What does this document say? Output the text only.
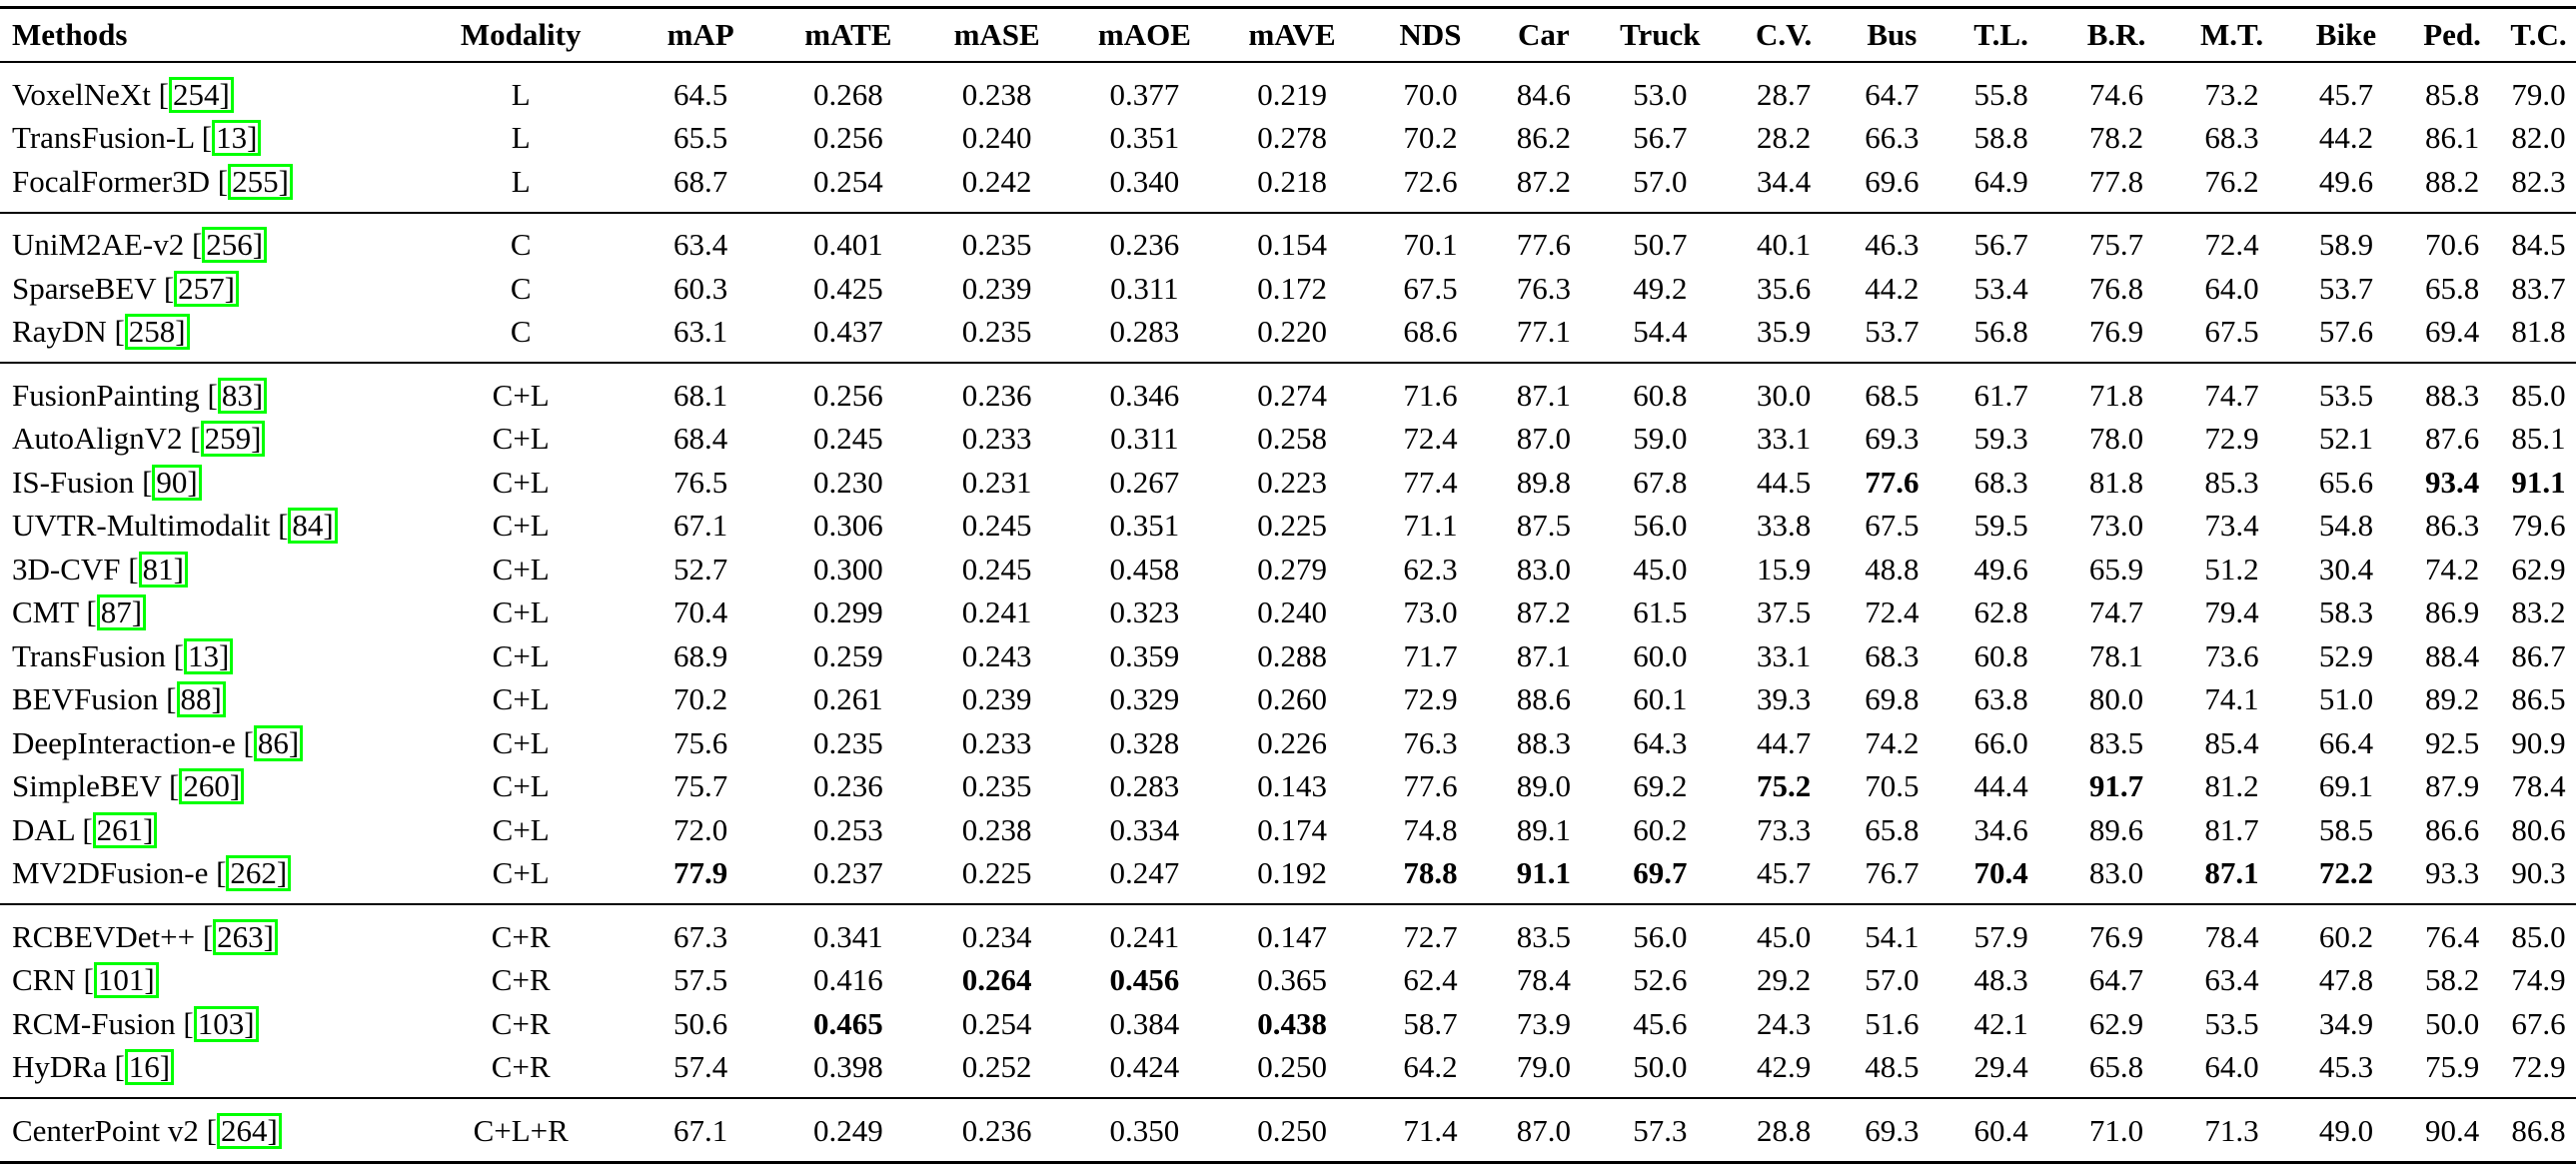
Methods	Modality	mAP	mATE	mASE	mAOE	mAVE	NDS	Car	Truck	C.V.	Bus	T.L.	B.R.	M.T.	Bike	Ped.	T.C.
VoxelNeXt [ 254]	L	64.5	0.268	0.238	0.377	0.219	70.0	84.6	53.0	28.7	64.7	55.8	74.6	73.2	45.7	85.8	79.0
TransFusion-L [ 13]	L	65.5	0.256	0.240	0.351	0.278	70.2	86.2	56.7	28.2	66.3	58.8	78.2	68.3	44.2	86.1	82.0
FocalFormer3D [ 255]	L	68.7	0.254	0.242	0.340	0.218	72.6	87.2	57.0	34.4	69.6	64.9	77.8	76.2	49.6	88.2	82.3
UniM2AE-v2 [ 256]	C	63.4	0.401	0.235	0.236	0.154	70.1	77.6	50.7	40.1	46.3	56.7	75.7	72.4	58.9	70.6	84.5
SparseBEV [ 257]	C	60.3	0.425	0.239	0.311	0.172	67.5	76.3	49.2	35.6	44.2	53.4	76.8	64.0	53.7	65.8	83.7
RayDN [ 258]	C	63.1	0.437	0.235	0.283	0.220	68.6	77.1	54.4	35.9	53.7	56.8	76.9	67.5	57.6	69.4	81.8
FusionPainting [ 83]	C+L	68.1	0.256	0.236	0.346	0.274	71.6	87.1	60.8	30.0	68.5	61.7	71.8	74.7	53.5	88.3	85.0
AutoAlignV2 [ 259]	C+L	68.4	0.245	0.233	0.311	0.258	72.4	87.0	59.0	33.1	69.3	59.3	78.0	72.9	52.1	87.6	85.1
IS-Fusion [ 90]	C+L	76.5	0.230	0.231	0.267	0.223	77.4	89.8	67.8	44.5	77.6	68.3	81.8	85.3	65.6	93.4	91.1
UVTR-Multimodalit [ 84]	C+L	67.1	0.306	0.245	0.351	0.225	71.1	87.5	56.0	33.8	67.5	59.5	73.0	73.4	54.8	86.3	79.6
3D-CVF [ 81]	C+L	52.7	0.300	0.245	0.458	0.279	62.3	83.0	45.0	15.9	48.8	49.6	65.9	51.2	30.4	74.2	62.9
CMT [ 87]	C+L	70.4	0.299	0.241	0.323	0.240	73.0	87.2	61.5	37.5	72.4	62.8	74.7	79.4	58.3	86.9	83.2
TransFusion [ 13]	C+L	68.9	0.259	0.243	0.359	0.288	71.7	87.1	60.0	33.1	68.3	60.8	78.1	73.6	52.9	88.4	86.7
BEVFusion [ 88]	C+L	70.2	0.261	0.239	0.329	0.260	72.9	88.6	60.1	39.3	69.8	63.8	80.0	74.1	51.0	89.2	86.5
DeepInteraction-e [ 86]	C+L	75.6	0.235	0.233	0.328	0.226	76.3	88.3	64.3	44.7	74.2	66.0	83.5	85.4	66.4	92.5	90.9
SimpleBEV [ 260]	C+L	75.7	0.236	0.235	0.283	0.143	77.6	89.0	69.2	75.2	70.5	44.4	91.7	81.2	69.1	87.9	78.4
DAL [ 261]	C+L	72.0	0.253	0.238	0.334	0.174	74.8	89.1	60.2	73.3	65.8	34.6	89.6	81.7	58.5	86.6	80.6
MV2DFusion-e [ 262]	C+L	77.9	0.237	0.225	0.247	0.192	78.8	91.1	69.7	45.7	76.7	70.4	83.0	87.1	72.2	93.3	90.3
RCBEVDet++ [ 263]	C+R	67.3	0.341	0.234	0.241	0.147	72.7	83.5	56.0	45.0	54.1	57.9	76.9	78.4	60.2	76.4	85.0
CRN [ 101]	C+R	57.5	0.416	0.264	0.456	0.365	62.4	78.4	52.6	29.2	57.0	48.3	64.7	63.4	47.8	58.2	74.9
RCM-Fusion [ 103]	C+R	50.6	0.465	0.254	0.384	0.438	58.7	73.9	45.6	24.3	51.6	42.1	62.9	53.5	34.9	50.0	67.6
HyDRa [ 16]	C+R	57.4	0.398	0.252	0.424	0.250	64.2	79.0	50.0	42.9	48.5	29.4	65.8	64.0	45.3	75.9	72.9
CenterPoint v2 [ 264]	C+L+R	67.1	0.249	0.236	0.350	0.250	71.4	87.0	57.3	28.8	69.3	60.4	71.0	71.3	49.0	90.4	86.8
